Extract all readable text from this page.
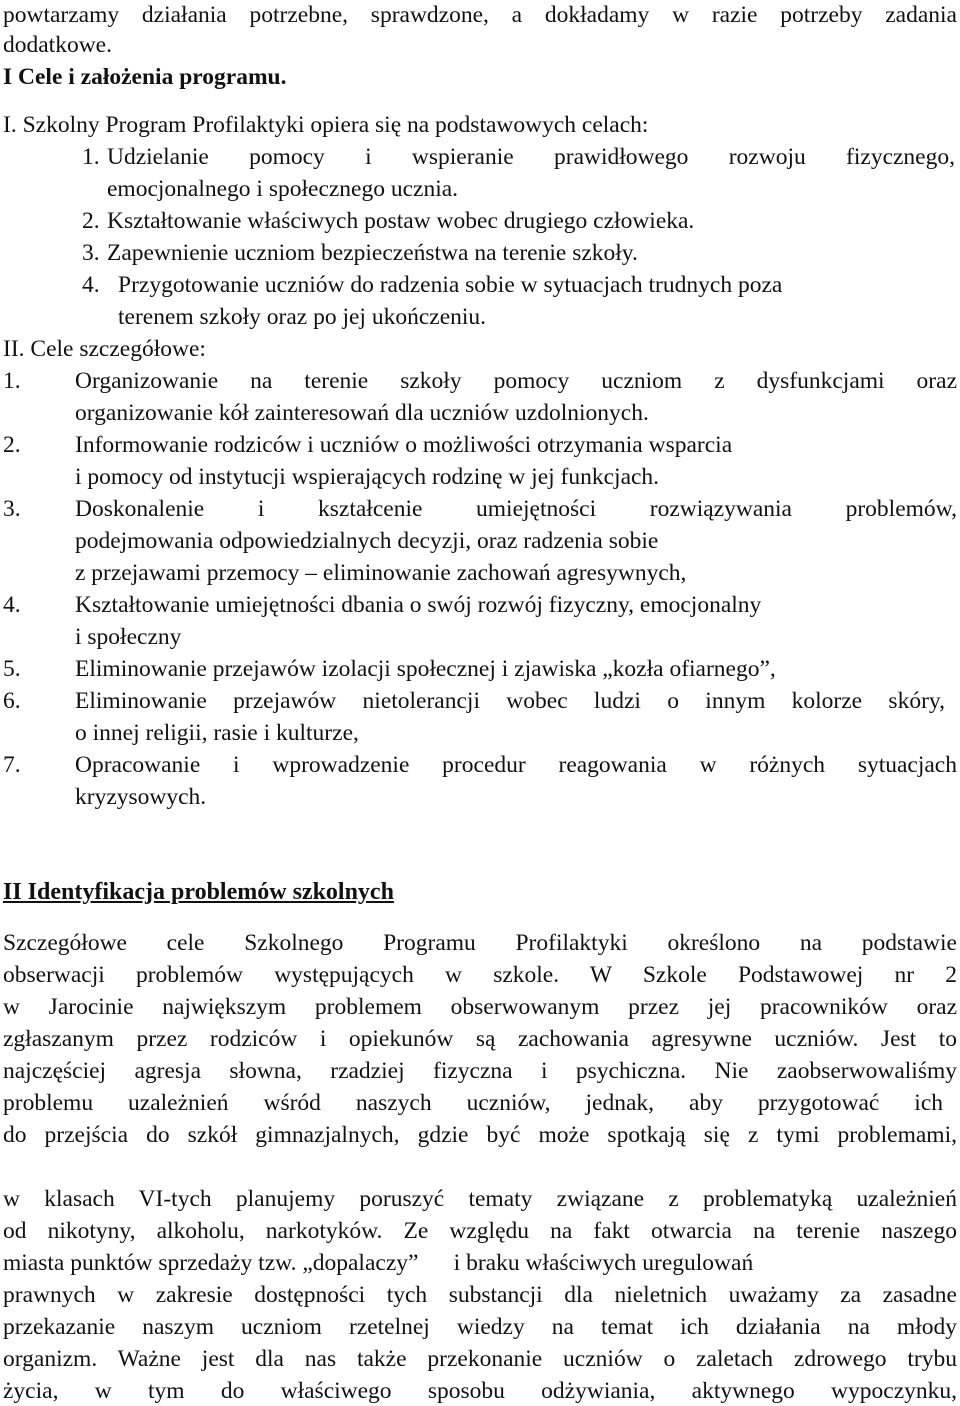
powtarzamy działania potrzebne, sprawdzone, a dokładamy w razie potrzeby zadania
dodatkowe.
I Cele i założenia programu.
I. Szkolny Program Profilaktyki opiera się na podstawowych celach:
1. Udzielanie pomocy i wspieranie prawidłowego rozwoju fizycznego,
emocjonalnego i społecznego ucznia.
2. Kształtowanie właściwych postaw wobec drugiego człowieka.
3. Zapewnienie uczniom bezpieczeństwa na terenie szkoły.
4. Przygotowanie uczniów do radzenia sobie w sytuacjach trudnych poza
terenem szkoły oraz po jej ukończeniu.
II. Cele szczegółowe:
1. Organizowanie na terenie szkoły pomocy uczniom z dysfunkcjami oraz
organizowanie kół zainteresowań dla uczniów uzdolnionych.
2. Informowanie rodziców i uczniów o możliwości otrzymania wsparcia
i pomocy od instytucji wspierających rodzinę w jej funkcjach.
3. Doskonalenie i kształcenie umiejętności rozwiązywania problemów,
podejmowania odpowiedzialnych decyzji, oraz radzenia sobie
z przejawami przemocy – eliminowanie zachowań agresywnych,
4. Kształtowanie umiejętności dbania o swój rozwój fizyczny, emocjonalny
i społeczny
5. Eliminowanie przejawów izolacji społecznej i zjawiska „kozła ofiarnego”,
6. Eliminowanie przejawów nietolerancji wobec ludzi o innym kolorze skóry,
o innej religii, rasie i kulturze,
7. Opracowanie i wprowadzenie procedur reagowania w różnych sytuacjach
kryzysowych.
II Identyfikacja problemów szkolnych
Szczegółowe cele Szkolnego Programu Profilaktyki określono na podstawie
obserwacji problemów występujących w szkole. W Szkole Podstawowej nr 2
w Jarocinie największym problemem obserwowanym przez jej pracowników oraz
zgłaszanym przez rodziców i opiekunów są zachowania agresywne uczniów. Jest to
najczęściej agresja słowna, rzadziej fizyczna i psychiczna. Nie zaobserwowaliśmy
problemu uzależnień wśród naszych uczniów, jednak, aby przygotować ich
do przejścia do szkół gimnazjalnych, gdzie być może spotkają się z tymi problemami,
w klasach VI-tych planujemy poruszyć tematy związane z problematyką uzależnień
od nikotyny, alkoholu, narkotyków. Ze względu na fakt otwarcia na terenie naszego
miasta punktów sprzedaży tzw. „dopalaczy”      i braku właściwych uregulowań
prawnych w zakresie dostępności tych substancji dla nieletnich uważamy za zasadne
przekazanie naszym uczniom rzetelnej wiedzy na temat ich działania na młody
organizm. Ważne jest dla nas także przekonanie uczniów o zaletach zdrowego trybu
życia, w tym do właściwego sposobu odżywiania, aktywnego wypoczynku,
